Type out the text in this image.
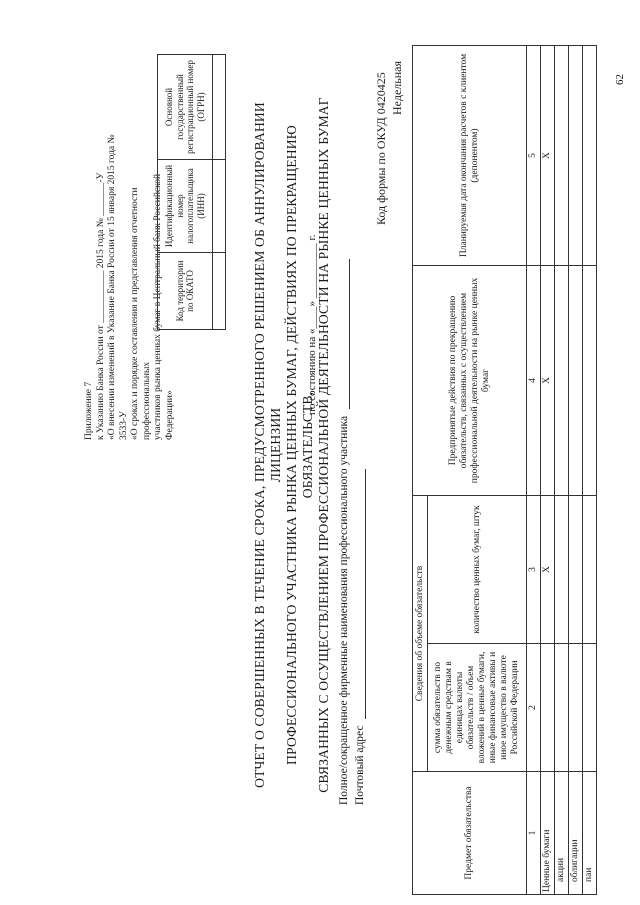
Приложение 7 к Указанию Банка России от ___________ 2015 года № _______-У «О внесении изменений в Указание Банка России от 15 января 2015 года № 3533-У «О сроках и порядке составления и представления отчетности профессиональных участников рынка ценных бумаг в Центральный банк Российской Федерации»
Код территории по ОКАТО	Идентификационный номер налогоплательщика (ИНН)	Основной государственный регистрационный номер (ОГРН)
			ОТЧЕТ О СОВЕРШЕННЫХ В ТЕЧЕНИЕ СРОКА, ПРЕДУСМОТРЕННОГО РЕШЕНИЕМ ОБ АННУЛИРОВАНИИ ЛИЦЕНЗИИ ПРОФЕССИОНАЛЬНОГО УЧАСТНИКА РЫНКА ЦЕННЫХ БУМАГ, ДЕЙСТВИЯХ ПО ПРЕКРАЩЕНИЮ ОБЯЗАТЕЛЬСТВ, СВЯЗАННЫХ С ОСУЩЕСТВЛЕНИЕМ ПРОФЕССИОНАЛЬНОЙ ДЕЯТЕЛЬНОСТИ НА РЫНКЕ ЦЕННЫХ БУМАГ
по состоянию на «____» __________ г.
Полное/сокращенное фирменные наименования профессионального участника Почтовый адрес
Код формы по ОКУД 0420425 Недельная
Предмет обязательства	Сведения об объеме обязательств		Предпринятые действия по прекращению обязательств, связанных с осуществлением профессиональной деятельности на рынке ценных бумаг	Планируемая дата окончания расчетов с клиентом (депонентом)
	сумма обязательств по денежным средствам в единицах валюты обязательств / объем вложений в ценные бумаги, иные финансовые активы и иное имущество в валюте Российской Федерации	количество ценных бумаг, штук		
1	2	3	4	5
Ценные бумаги		X	X	X
акции				
облигации				
паи				
62
